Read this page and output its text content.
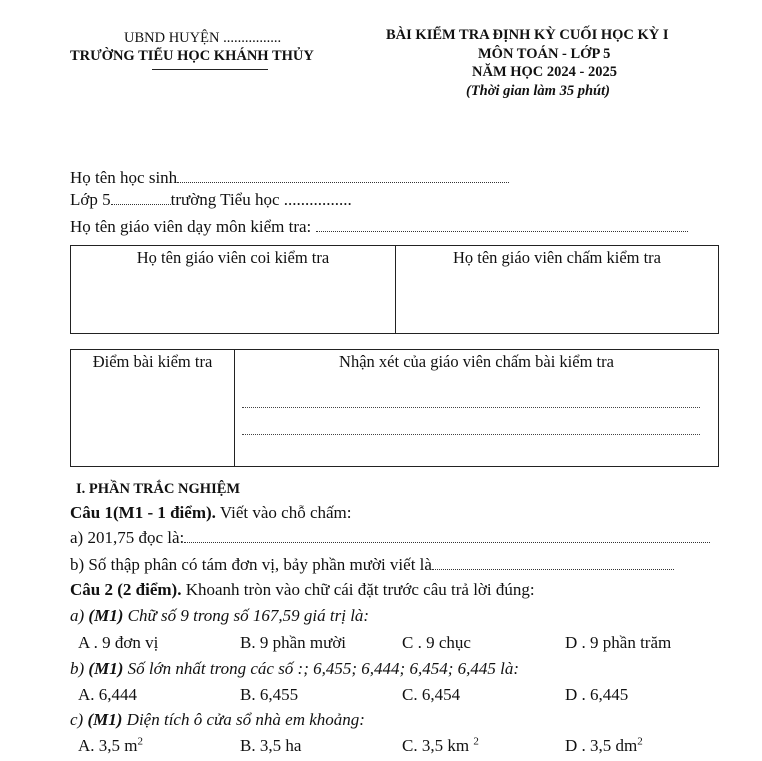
UBND HUYỆN ................
TRƯỜNG TIỂU HỌC KHÁNH THỦY
BÀI KIỂM TRA ĐỊNH KỲ CUỐI HỌC KỲ I
MÔN TOÁN - LỚP 5
NĂM HỌC 2024 - 2025
(Thời gian làm 35 phút)
Họ tên học sinh
Lớp 5	trường Tiểu học ................
Họ tên giáo viên dạy môn kiểm tra:
Họ tên giáo viên coi kiểm tra	Họ tên giáo viên chấm kiểm tra
Điểm bài kiểm tra	Nhận xét của giáo viên chấm bài kiểm tra
I. PHẦN TRẮC NGHIỆM
Câu 1(M1 - 1 điểm). Viết vào chỗ chấm:
a) 201,75 đọc là:
b) Số thập phân có tám đơn vị, bảy phần mười viết là
Câu 2 (2 điểm). Khoanh tròn vào chữ cái đặt trước câu trả lời đúng:
a) (M1) Chữ số 9 trong số 167,59 giá trị là:
A . 9 đơn vị	B. 9 phần mười	C . 9 chục	D . 9 phần trăm
b) (M1) Số lớn nhất trong các số :; 6,455; 6,444; 6,454; 6,445 là:
A. 6,444	B. 6,455	C. 6,454	D . 6,445
c) (M1) Diện tích ô cửa sổ nhà em khoảng:
A. 3,5 $m^2$	B. 3,5 ha	C. 3,5 km $^2$	D . 3,5 $dm^2$
